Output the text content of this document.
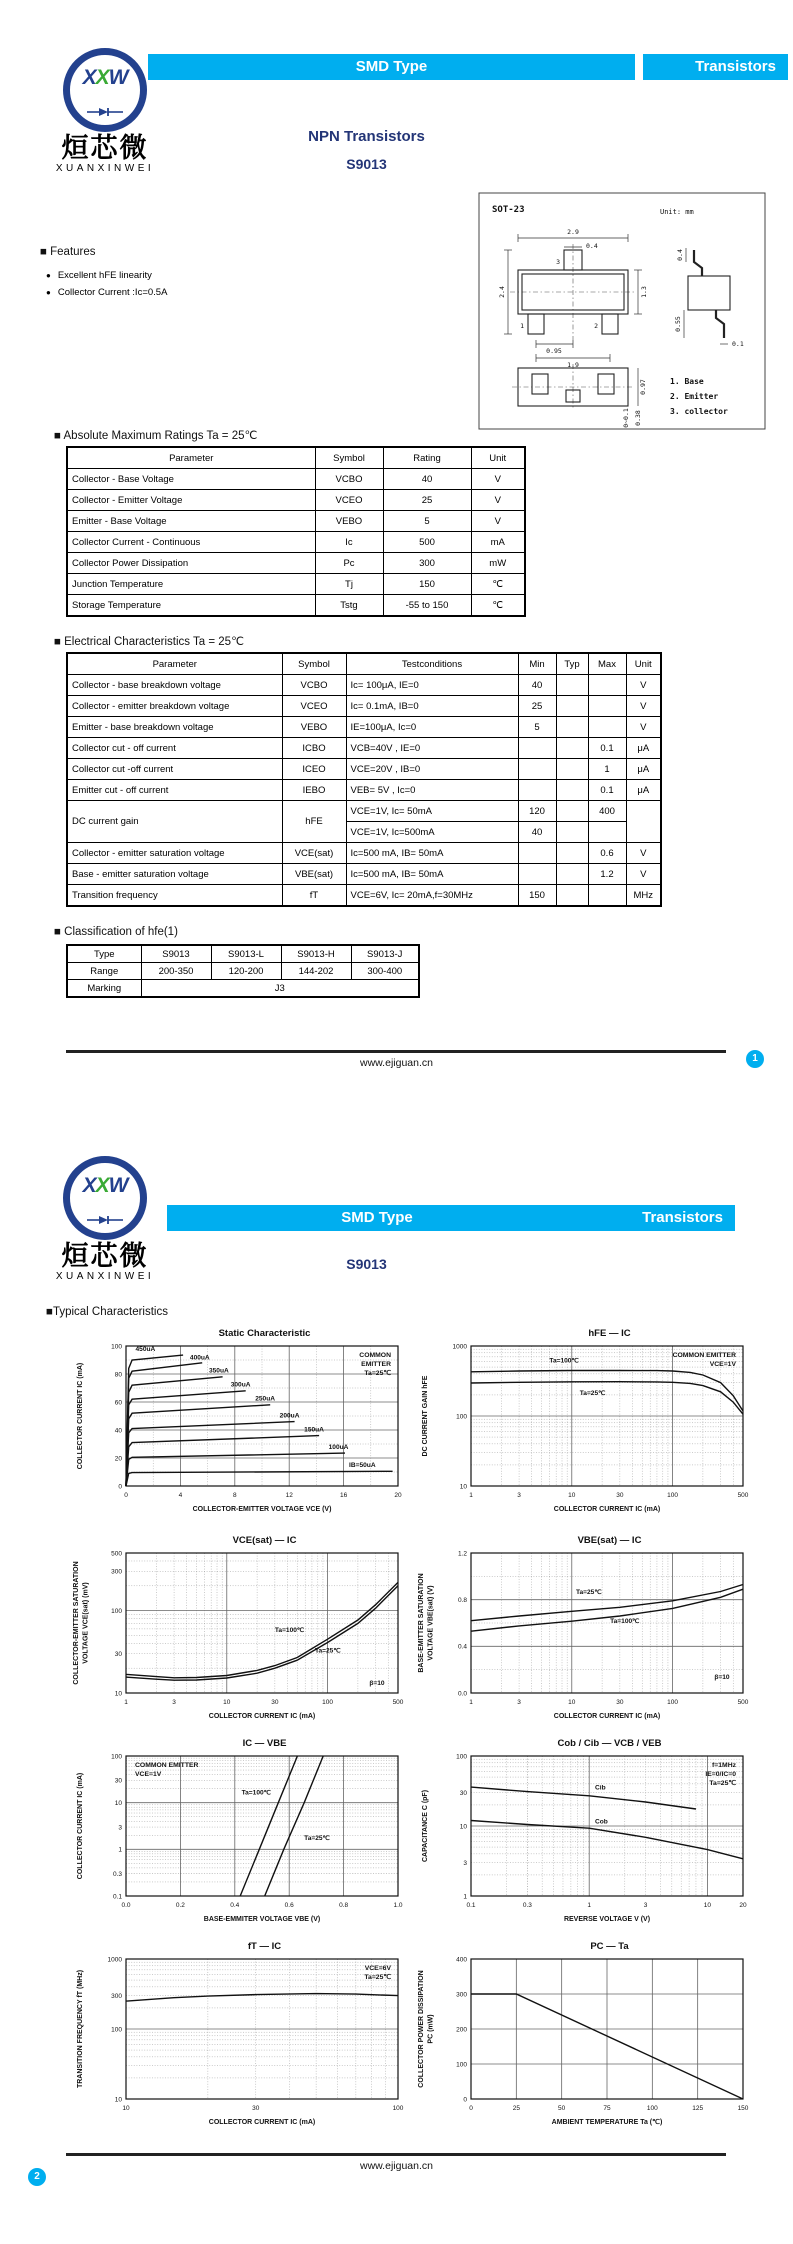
XXW
烜芯微
XUANXINWEI
SMD Type	Transistors
NPN Transistors
S9013
SOT-23	Unit: mm
3
1	2
2.9
0.4
2.4	1.3
0.95
1.9
0.4
0.55
0.1
0.97
0~0.1 0.38
1. Base
2. Emitter
3. collector
■ Features
● Excellent hFE linearity
● Collector Current :Ic=0.5A
■ Absolute Maximum Ratings Ta = 25℃
Parameter	Symbol	Rating	Unit
Collector - Base Voltage	VCBO	40	V
Collector - Emitter Voltage	VCEO	25	V
Emitter - Base Voltage	VEBO	5	V
Collector Current - Continuous	Ic	500	mA
Collector Power Dissipation	Pc	300	mW
Junction Temperature	Tj	150	℃
Storage Temperature	Tstg	-55 to 150	℃
■ Electrical Characteristics Ta = 25℃
Parameter	Symbol	Testconditions	Min	Typ	Max	Unit
Collector - base breakdown voltage	VCBO	Ic= 100μA, IE=0	40			V
Collector - emitter breakdown voltage	VCEO	Ic= 0.1mA, IB=0	25			V
Emitter - base breakdown voltage	VEBO	IE=100μA, Ic=0	5			V
Collector cut - off current	ICBO	VCB=40V , IE=0			0.1	μA
Collector cut -off current	ICEO	VCE=20V , IB=0			1	μA
Emitter cut - off current	IEBO	VEB= 5V , Ic=0			0.1	μA
DC current gain	hFE	VCE=1V, Ic= 50mA	120		400	
		VCE=1V, Ic=500mA	40			
Collector - emitter saturation voltage	VCE(sat)	Ic=500 mA, IB= 50mA			0.6	V
Base - emitter saturation voltage	VBE(sat)	Ic=500 mA, IB= 50mA			1.2	V
Transition frequency	fT	VCE=6V, Ic= 20mA,f=30MHz	150			MHz
■ Classification of hfe(1)
Type	S9013	S9013-L	S9013-H	S9013-J
Range	200-350	120-200	144-202	300-400
Marking	J3			
www.ejiguan.cn	1
XXW
烜芯微
XUANXINWEI
SMD Type	Transistors
S9013
■Typical Characteristics
Static Characteristic
450uA
400uA
350uA
300uA
250uA
200uA
150uA
100uA
IB=50uA
COMMON
EMITTER
Ta=25℃
0	4	8	12	16	20
0
20
40
60
80
100
COLLECTOR-EMITTER VOLTAGE VCE (V)
COLLECTOR CURRENT IC (mA)
hFE — IC
Ta=100℃
Ta=25℃
COMMON EMITTER
VCE=1V
1	3	10	30	100	500
10
100
1000
COLLECTOR CURRENT IC (mA)
DC CURRENT GAIN hFE
VCE(sat) — IC
Ta=100℃
Ta=25℃
β=10
1	3	10	30	100	500
10
30
100
300
500
COLLECTOR CURRENT IC (mA)
COLLECTOR-EMITTER SATURATION VOLTAGE VCE(sat) (mV)
VBE(sat) — IC
Ta=25℃
Ta=100℃
β=10
1	3	10	30	100	500
0.0
0.4
0.8
1.2
COLLECTOR CURRENT IC (mA)
BASE-EMITTER SATURATION VOLTAGE VBE(sat) (V)
IC — VBE
Ta=100℃
Ta=25℃
COMMON EMITTER
VCE=1V
0.0	0.2	0.4	0.6	0.8	1.0
0.1
0.3
1
3
10
30
100
BASE-EMMITER VOLTAGE VBE (V)
COLLECTOR CURRENT IC (mA)
Cob / Cib — VCB / VEB
Cib
Cob
f=1MHz
IE=0/IC=0
Ta=25℃
0.1	0.3	1	3	10	20
1
3
10
30
100
REVERSE VOLTAGE V (V)
CAPACITANCE C (pF)
fT — IC
VCE=6V
Ta=25℃
10	30	100
10
100
300
1000
COLLECTOR CURRENT IC (mA)
TRANSITION FREQUENCY fT (MHz)
PC — Ta
0	25	50	75	100	125	150
0
100
200
300
400
AMBIENT TEMPERATURE Ta (℃)
COLLECTOR POWER DISSIPATION PC (mW)
www.ejiguan.cn
2
